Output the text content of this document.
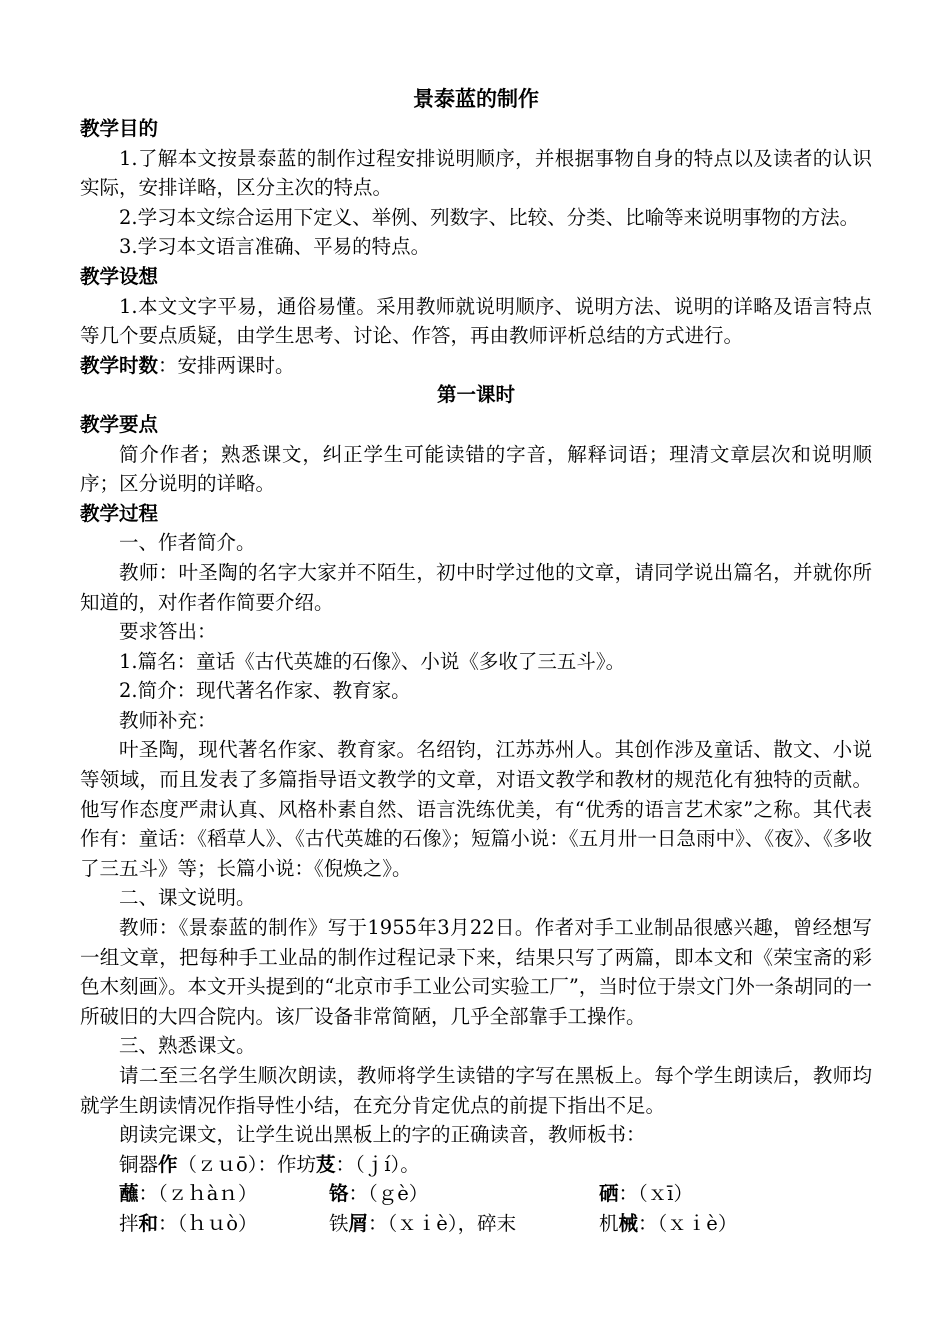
景泰蓝的制作
教学目的

1.了解本文按景泰蓝的制作过程安排说明顺序，并根据事物自身的特点以及读者的认识实际，安排详略，区分主次的特点。

2.学习本文综合运用下定义、举例、列数字、比较、分类、比喻等来说明事物的方法。

3.学习本文语言准确、平易的特点。

教学设想

1.本文文字平易，通俗易懂。采用教师就说明顺序、说明方法、说明的详略及语言特点等几个要点质疑，由学生思考、讨论、作答，再由教师评析总结的方式进行。

教学时数：安排两课时。
第一课时
教学要点

简介作者；熟悉课文，纠正学生可能读错的字音，解释词语；理清文章层次和说明顺序；区分说明的详略。

教学过程

一、作者简介。

教师：叶圣陶的名字大家并不陌生，初中时学过他的文章，请同学说出篇名，并就你所知道的，对作者作简要介绍。

要求答出：

1.篇名：童话《古代英雄的石像》、小说《多收了三五斗》。

2.简介：现代著名作家、教育家。

教师补充：

叶圣陶，现代著名作家、教育家。名绍钧，江苏苏州人。其创作涉及童话、散文、小说等领域，而且发表了多篇指导语文教学的文章，对语文教学和教材的规范化有独特的贡献。他写作态度严肃认真、风格朴素自然、语言洗练优美，有“优秀的语言艺术家”之称。其代表作有：童话：《稻草人》、《古代英雄的石像》；短篇小说：《五月卅一日急雨中》、《夜》、《多收了三五斗》等；长篇小说：《倪焕之》。

二、课文说明。

教师：《景泰蓝的制作》写于1955年3月22日。作者对手工业制品很感兴趣，曾经想写一组文章，把每种手工业品的制作过程记录下来，结果只写了两篇，即本文和《荣宝斋的彩色木刻画》。本文开头提到的“北京市手工业公司实验工厂”，当时位于崇文门外一条胡同的一所破旧的大四合院内。该厂设备非常简陋，几乎全部靠手工操作。

三、熟悉课文。

请二至三名学生顺次朗读，教师将学生读错的字写在黑板上。每个学生朗读后，教师均就学生朗读情况作指导性小结，在充分肯定优点的前提下指出不足。

朗读完课文，让学生说出黑板上的字的正确读音，教师板书：

铜器作（ｚｕō）：作坊芨：（ｊí）。

蘸：（ｚｈàｎ）	铬：（ｇè）	硒：（ｘī）
拌和：（ｈｕò）	铁屑：（ｘｉè），碎末	机械：（ｘｉè）
